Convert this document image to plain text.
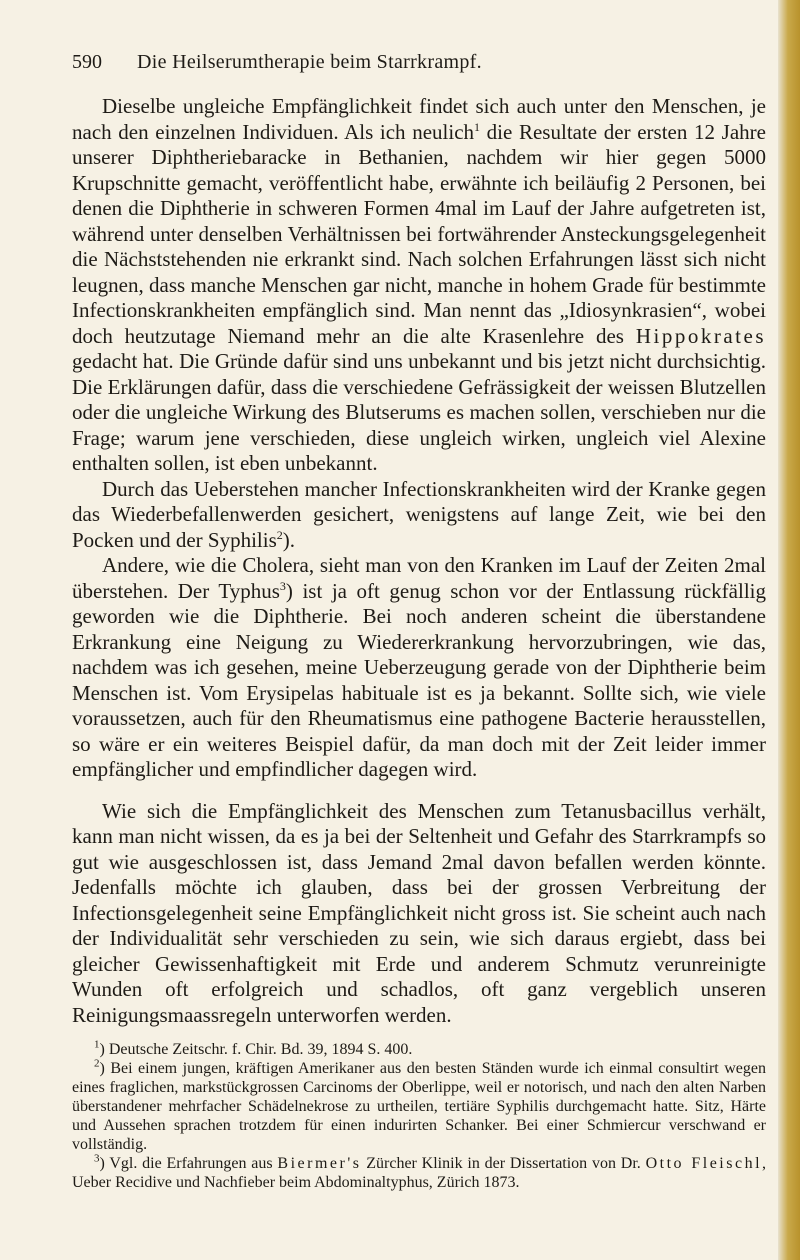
590 Die Heilserumtherapie beim Starrkrampf.

Dieselbe ungleiche Empfänglichkeit findet sich auch unter den Menschen, je nach den einzelnen Individuen. Als ich neulich$^1$ die Resultate der ersten 12 Jahre unserer Diphtheriebaracke in Bethanien, nachdem wir hier gegen 5000 Krupschnitte gemacht, veröffentlicht habe, erwähnte ich beiläufig 2 Personen, bei denen die Diphtherie in schweren Formen 4mal im Lauf der Jahre aufgetreten ist, während unter denselben Verhältnissen bei fortwährender Ansteckungsgelegenheit die Nächststehenden nie erkrankt sind. Nach solchen Erfahrungen lässt sich nicht leugnen, dass manche Menschen gar nicht, manche in hohem Grade für bestimmte Infectionskrankheiten empfänglich sind. Man nennt das „Idiosynkrasien“, wobei doch heutzutage Niemand mehr an die alte Krasenlehre des Hippokrates gedacht hat. Die Gründe dafür sind uns unbekannt und bis jetzt nicht durchsichtig. Die Erklärungen dafür, dass die verschiedene Gefrässigkeit der weissen Blutzellen oder die ungleiche Wirkung des Blutserums es machen sollen, verschieben nur die Frage; warum jene verschieden, diese ungleich wirken, ungleich viel Alexine enthalten sollen, ist eben unbekannt.

Durch das Ueberstehen mancher Infectionskrankheiten wird der Kranke gegen das Wiederbefallenwerden gesichert, wenigstens auf lange Zeit, wie bei den Pocken und der Syphilis$^2$).

Andere, wie die Cholera, sieht man von den Kranken im Lauf der Zeiten 2mal überstehen. Der Typhus$^3$) ist ja oft genug schon vor der Entlassung rückfällig geworden wie die Diphtherie. Bei noch anderen scheint die überstandene Erkrankung eine Neigung zu Wiedererkrankung hervorzubringen, wie das, nachdem was ich gesehen, meine Ueberzeugung gerade von der Diphtherie beim Menschen ist. Vom Erysipelas habituale ist es ja bekannt. Sollte sich, wie viele voraussetzen, auch für den Rheumatismus eine pathogene Bacterie herausstellen, so wäre er ein weiteres Beispiel dafür, da man doch mit der Zeit leider immer empfänglicher und empfindlicher dagegen wird.

Wie sich die Empfänglichkeit des Menschen zum Tetanusbacillus verhält, kann man nicht wissen, da es ja bei der Seltenheit und Gefahr des Starrkrampfs so gut wie ausgeschlossen ist, dass Jemand 2mal davon befallen werden könnte. Jedenfalls möchte ich glauben, dass bei der grossen Verbreitung der Infectionsgelegenheit seine Empfänglichkeit nicht gross ist. Sie scheint auch nach der Individualität sehr verschieden zu sein, wie sich daraus ergiebt, dass bei gleicher Gewissenhaftigkeit mit Erde und anderem Schmutz verunreinigte Wunden oft erfolgreich und schadlos, oft ganz vergeblich unseren Reinigungsmaassregeln unterworfen werden.

$^1$) Deutsche Zeitschr. f. Chir. Bd. 39, 1894 S. 400.

$^2$) Bei einem jungen, kräftigen Amerikaner aus den besten Ständen wurde ich einmal consultirt wegen eines fraglichen, markstückgrossen Carcinoms der Oberlippe, weil er notorisch, und nach den alten Narben überstandener mehrfacher Schädelnekrose zu urtheilen, tertiäre Syphilis durchgemacht hatte. Sitz, Härte und Aussehen sprachen trotzdem für einen indurirten Schanker. Bei einer Schmiercur verschwand er vollständig.

$^3$) Vgl. die Erfahrungen aus Biermer's Zürcher Klinik in der Dissertation von Dr. Otto Fleischl, Ueber Recidive und Nachfieber beim Abdominaltyphus, Zürich 1873.
